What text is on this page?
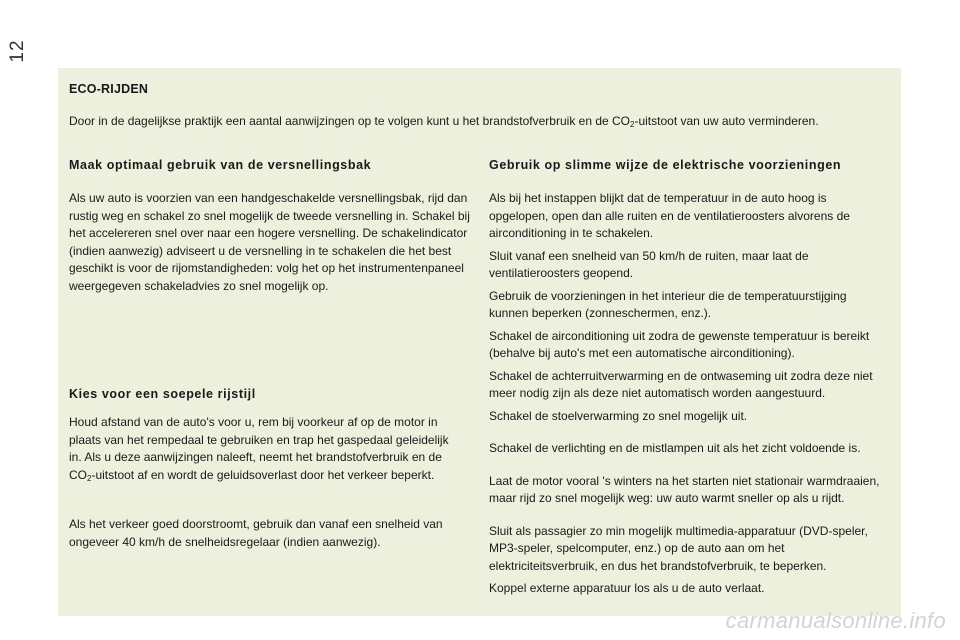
12
ECO-RIJDEN
Door in de dagelijkse praktijk een aantal aanwijzingen op te volgen kunt u het brandstofverbruik en de $CO_2$-uitstoot van uw auto verminderen.
Maak optimaal gebruik van de versnellingsbak
Als uw auto is voorzien van een handgeschakelde versnellingsbak, rijd dan rustig weg en schakel zo snel mogelijk de tweede versnelling in. Schakel bij het accelereren snel over naar een hogere versnelling. De schakelindicator (indien aanwezig) adviseert u de versnelling in te schakelen die het best geschikt is voor de rijomstandigheden: volg het op het instrumentenpaneel weergegeven schakeladvies zo snel mogelijk op.
Kies voor een soepele rijstijl
Houd afstand van de auto's voor u, rem bij voorkeur af op de motor in plaats van het rempedaal te gebruiken en trap het gaspedaal geleidelijk in. Als u deze aanwijzingen naleeft, neemt het brandstofverbruik en de $CO_2$-uitstoot af en wordt de geluidsoverlast door het verkeer beperkt.
Als het verkeer goed doorstroomt, gebruik dan vanaf een snelheid van ongeveer 40 km/h de snelheidsregelaar (indien aanwezig).
Gebruik op slimme wijze de elektrische voorzieningen

Als bij het instappen blijkt dat de temperatuur in de auto hoog is opgelopen, open dan alle ruiten en de ventilatieroosters alvorens de airconditioning in te schakelen.

Sluit vanaf een snelheid van 50 km/h de ruiten, maar laat de ventilatieroosters geopend.

Gebruik de voorzieningen in het interieur die de temperatuurstijging kunnen beperken (zonneschermen, enz.).

Schakel de airconditioning uit zodra de gewenste temperatuur is bereikt (behalve bij auto's met een automatische airconditioning).

Schakel de achterruitverwarming en de ontwaseming uit zodra deze niet meer nodig zijn als deze niet automatisch worden aangestuurd.

Schakel de stoelverwarming zo snel mogelijk uit.

Schakel de verlichting en de mistlampen uit als het zicht voldoende is.

Laat de motor vooral 's winters na het starten niet stationair warmdraaien, maar rijd zo snel mogelijk weg: uw auto warmt sneller op als u rijdt.

Sluit als passagier zo min mogelijk multimedia-apparatuur (DVD-speler, MP3-speler, spelcomputer, enz.) op de auto aan om het elektriciteitsverbruik, en dus het brandstofverbruik, te beperken.

Koppel externe apparatuur los als u de auto verlaat.

carmanualsonline.info
